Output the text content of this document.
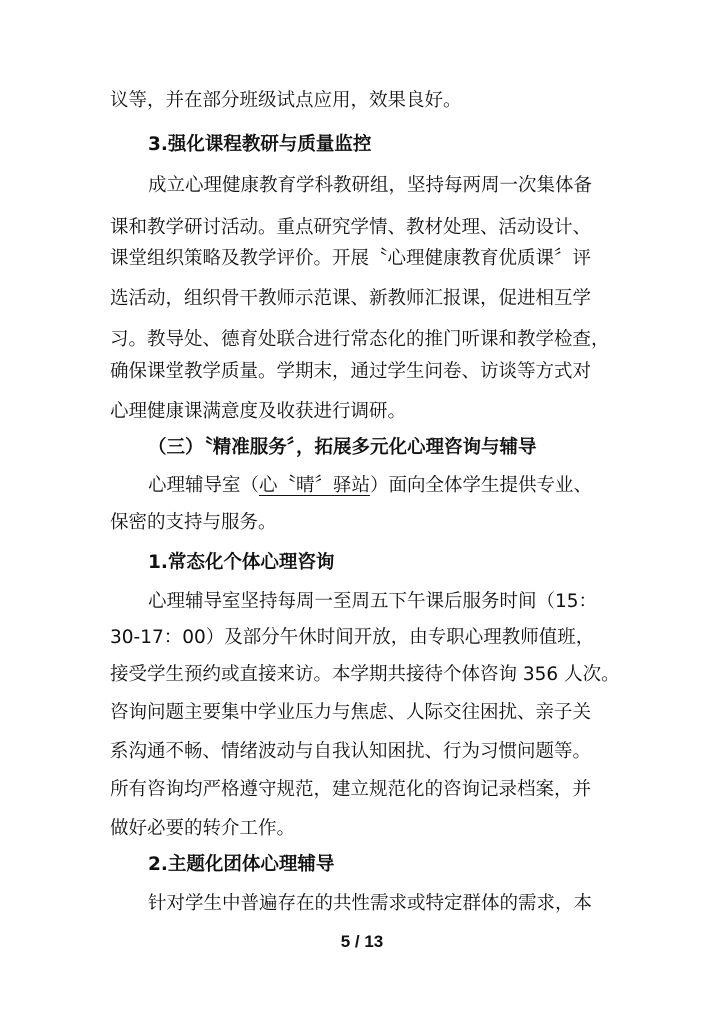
议等，并在部分班级试点应用，效果良好。
3.强化课程教研与质量监控
成立心理健康教育学科教研组，坚持每两周一次集体备
课和教学研讨活动。重点研究学情、教材处理、活动设计、
课堂组织策略及教学评价。开展〝心理健康教育优质课〞评
选活动，组织骨干教师示范课、新教师汇报课，促进相互学
习。教导处、德育处联合进行常态化的推门听课和教学检查，
确保课堂教学质量。学期末，通过学生问卷、访谈等方式对
心理健康课满意度及收获进行调研。
（三）〝精准服务〞，拓展多元化心理咨询与辅导
心理辅导室（心〝晴〞驿站）面向全体学生提供专业、
保密的支持与服务。
1.常态化个体心理咨询
心理辅导室坚持每周一至周五下午课后服务时间（15：
30-17：00）及部分午休时间开放，由专职心理教师值班，
接受学生预约或直接来访。本学期共接待个体咨询 356 人次。
咨询问题主要集中学业压力与焦虑、人际交往困扰、亲子关
系沟通不畅、情绪波动与自我认知困扰、行为习惯问题等。
所有咨询均严格遵守规范，建立规范化的咨询记录档案，并
做好必要的转介工作。
2.主题化团体心理辅导
针对学生中普遍存在的共性需求或特定群体的需求，本
5 / 13
